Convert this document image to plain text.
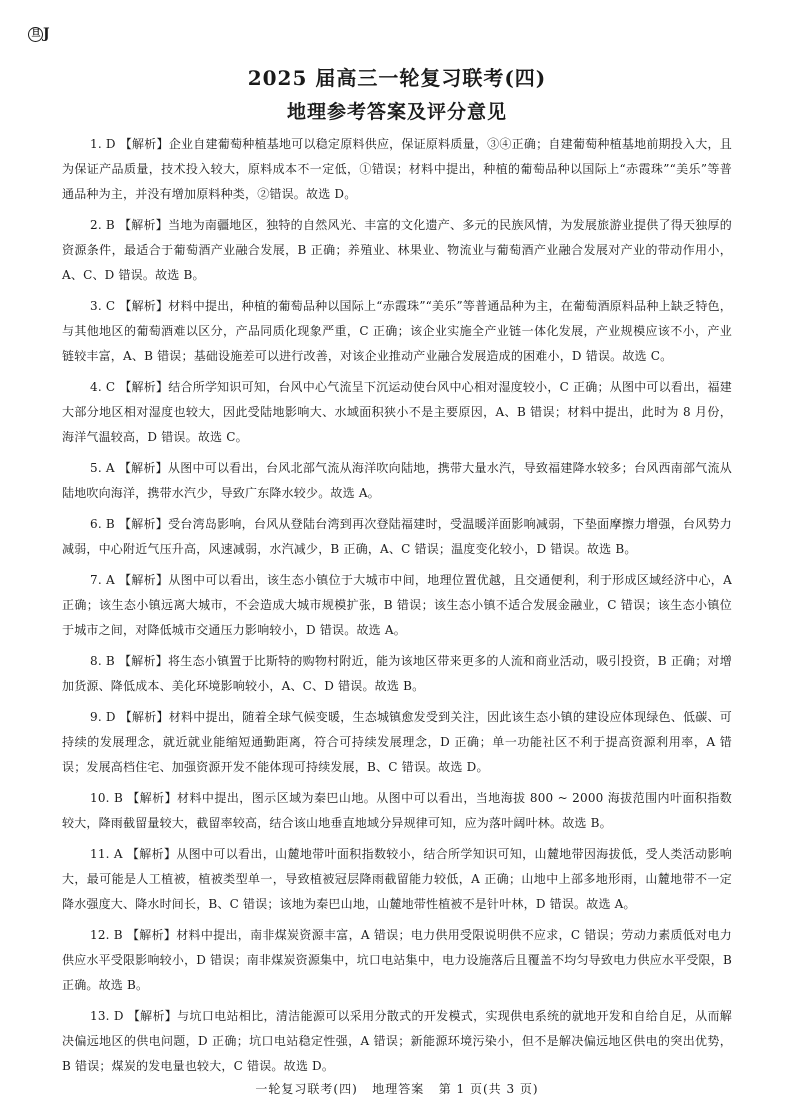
旦 J
2025 届高三一轮复习联考(四)
地理参考答案及评分意见

1. D 【解析】企业自建葡萄种植基地可以稳定原料供应，保证原料质量，③④正确；自建葡萄种植基地前期投入大，且为保证产品质量，技术投入较大，原料成本不一定低，①错误；材料中提出，种植的葡萄品种以国际上“赤霞珠”“美乐”等普通品种为主，并没有增加原料种类，②错误。故选 D。

2. B 【解析】当地为南疆地区，独特的自然风光、丰富的文化遗产、多元的民族风情，为发展旅游业提供了得天独厚的资源条件，最适合于葡萄酒产业融合发展，B 正确；养殖业、林果业、物流业与葡萄酒产业融合发展对产业的带动作用小，A、C、D 错误。故选 B。

3. C 【解析】材料中提出，种植的葡萄品种以国际上“赤霞珠”“美乐”等普通品种为主，在葡萄酒原料品种上缺乏特色，与其他地区的葡萄酒难以区分，产品同质化现象严重，C 正确；该企业实施全产业链一体化发展，产业规模应该不小，产业链较丰富，A、B 错误；基础设施差可以进行改善，对该企业推动产业融合发展造成的困难小，D 错误。故选 C。

4. C 【解析】结合所学知识可知，台风中心气流呈下沉运动使台风中心相对湿度较小，C 正确；从图中可以看出，福建大部分地区相对湿度也较大，因此受陆地影响大、水域面积狭小不是主要原因，A、B 错误；材料中提出，此时为 8 月份，海洋气温较高，D 错误。故选 C。

5. A 【解析】从图中可以看出，台风北部气流从海洋吹向陆地，携带大量水汽，导致福建降水较多；台风西南部气流从陆地吹向海洋，携带水汽少，导致广东降水较少。故选 A。

6. B 【解析】受台湾岛影响，台风从登陆台湾到再次登陆福建时，受温暖洋面影响减弱，下垫面摩擦力增强，台风势力减弱，中心附近气压升高，风速减弱，水汽减少，B 正确，A、C 错误；温度变化较小，D 错误。故选 B。

7. A 【解析】从图中可以看出，该生态小镇位于大城市中间，地理位置优越，且交通便利，利于形成区域经济中心，A 正确；该生态小镇远离大城市，不会造成大城市规模扩张，B 错误；该生态小镇不适合发展金融业，C 错误；该生态小镇位于城市之间，对降低城市交通压力影响较小，D 错误。故选 A。

8. B 【解析】将生态小镇置于比斯特的购物村附近，能为该地区带来更多的人流和商业活动，吸引投资，B 正确；对增加货源、降低成本、美化环境影响较小，A、C、D 错误。故选 B。

9. D 【解析】材料中提出，随着全球气候变暖，生态城镇愈发受到关注，因此该生态小镇的建设应体现绿色、低碳、可持续的发展理念，就近就业能缩短通勤距离，符合可持续发展理念，D 正确；单一功能社区不利于提高资源利用率，A 错误；发展高档住宅、加强资源开发不能体现可持续发展，B、C 错误。故选 D。

10. B 【解析】材料中提出，图示区域为秦巴山地。从图中可以看出，当地海拔 800 ~ 2000 海拔范围内叶面积指数较大，降雨截留量较大，截留率较高，结合该山地垂直地域分异规律可知，应为落叶阔叶林。故选 B。

11. A 【解析】从图中可以看出，山麓地带叶面积指数较小，结合所学知识可知，山麓地带因海拔低，受人类活动影响大，最可能是人工植被，植被类型单一，导致植被冠层降雨截留能力较低，A 正确；山地中上部多地形雨，山麓地带不一定降水强度大、降水时间长，B、C 错误；该地为秦巴山地，山麓地带性植被不是针叶林，D 错误。故选 A。

12. B 【解析】材料中提出，南非煤炭资源丰富，A 错误；电力供用受限说明供不应求，C 错误；劳动力素质低对电力供应水平受限影响较小，D 错误；南非煤炭资源集中，坑口电站集中，电力设施落后且覆盖不均匀导致电力供应水平受限，B 正确。故选 B。

13. D 【解析】与坑口电站相比，清洁能源可以采用分散式的开发模式，实现供电系统的就地开发和自给自足，从而解决偏远地区的供电问题，D 正确；坑口电站稳定性强，A 错误；新能源环境污染小，但不是解决偏远地区供电的突出优势，B 错误；煤炭的发电量也较大，C 错误。故选 D。

一轮复习联考(四) 地理答案 第 1 页(共 3 页)
